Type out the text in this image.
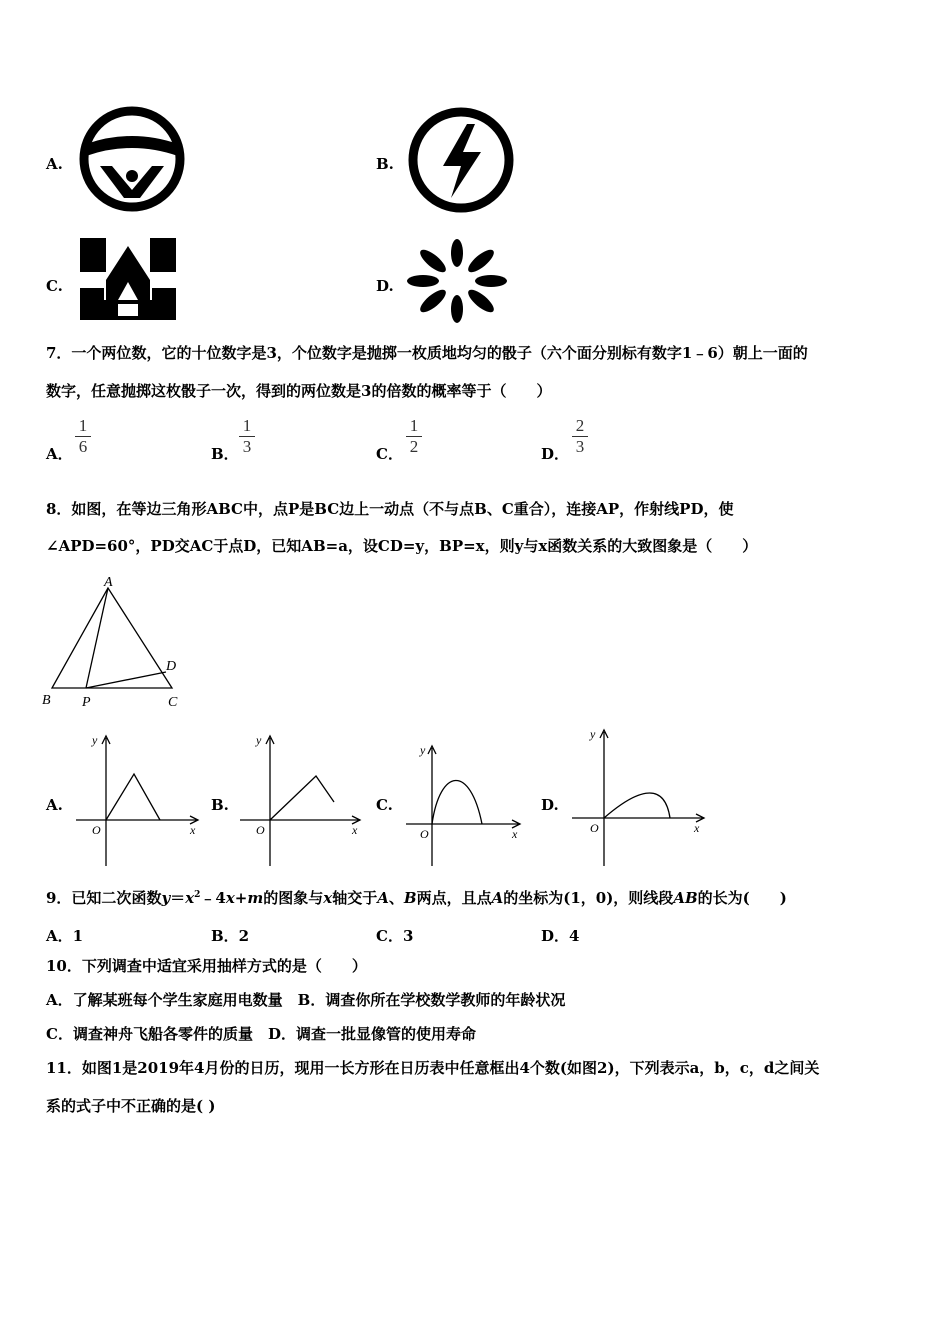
A.	B.
C.	D.
7．一个两位数，它的十位数字是3，个位数字是抛掷一枚质地均匀的骰子（六个面分别标有数字1﹣6）朝上一面的
数字，任意抛掷这枚骰子一次，得到的两位数是3的倍数的概率等于（　　）
A．
1
6	B．
1
3	C．
1
2	D．
2
3
8．如图，在等边三角形ABC中，点P是BC边上一动点（不与点B、C重合），连接AP，作射线PD，使
∠APD=60°，PD交AC于点D，已知AB=a，设CD=y，BP=x，则y与x函数关系的大致图象是（　　）
A
B P	C
D
A.
y
x
O
B.
y
x
O
C.
y
x
O
D.
y
x
O
9．已知二次函数$y=x^2﹣4x+m$的图象与x轴交于A、B两点，且点A的坐标为(1，0)，则线段AB的长为(　　)
A．1	B．2	C．3	D．4
10．下列调查中适宜采用抽样方式的是（　　）
A．了解某班每个学生家庭用电数量　B．调查你所在学校数学教师的年龄状况
C．调查神舟飞船各零件的质量　D．调查一批显像管的使用寿命
11．如图1是2019年4月份的日历，现用一长方形在日历表中任意框出4个数(如图2)，下列表示a，b，c，d之间关
系的式子中不正确的是( )
